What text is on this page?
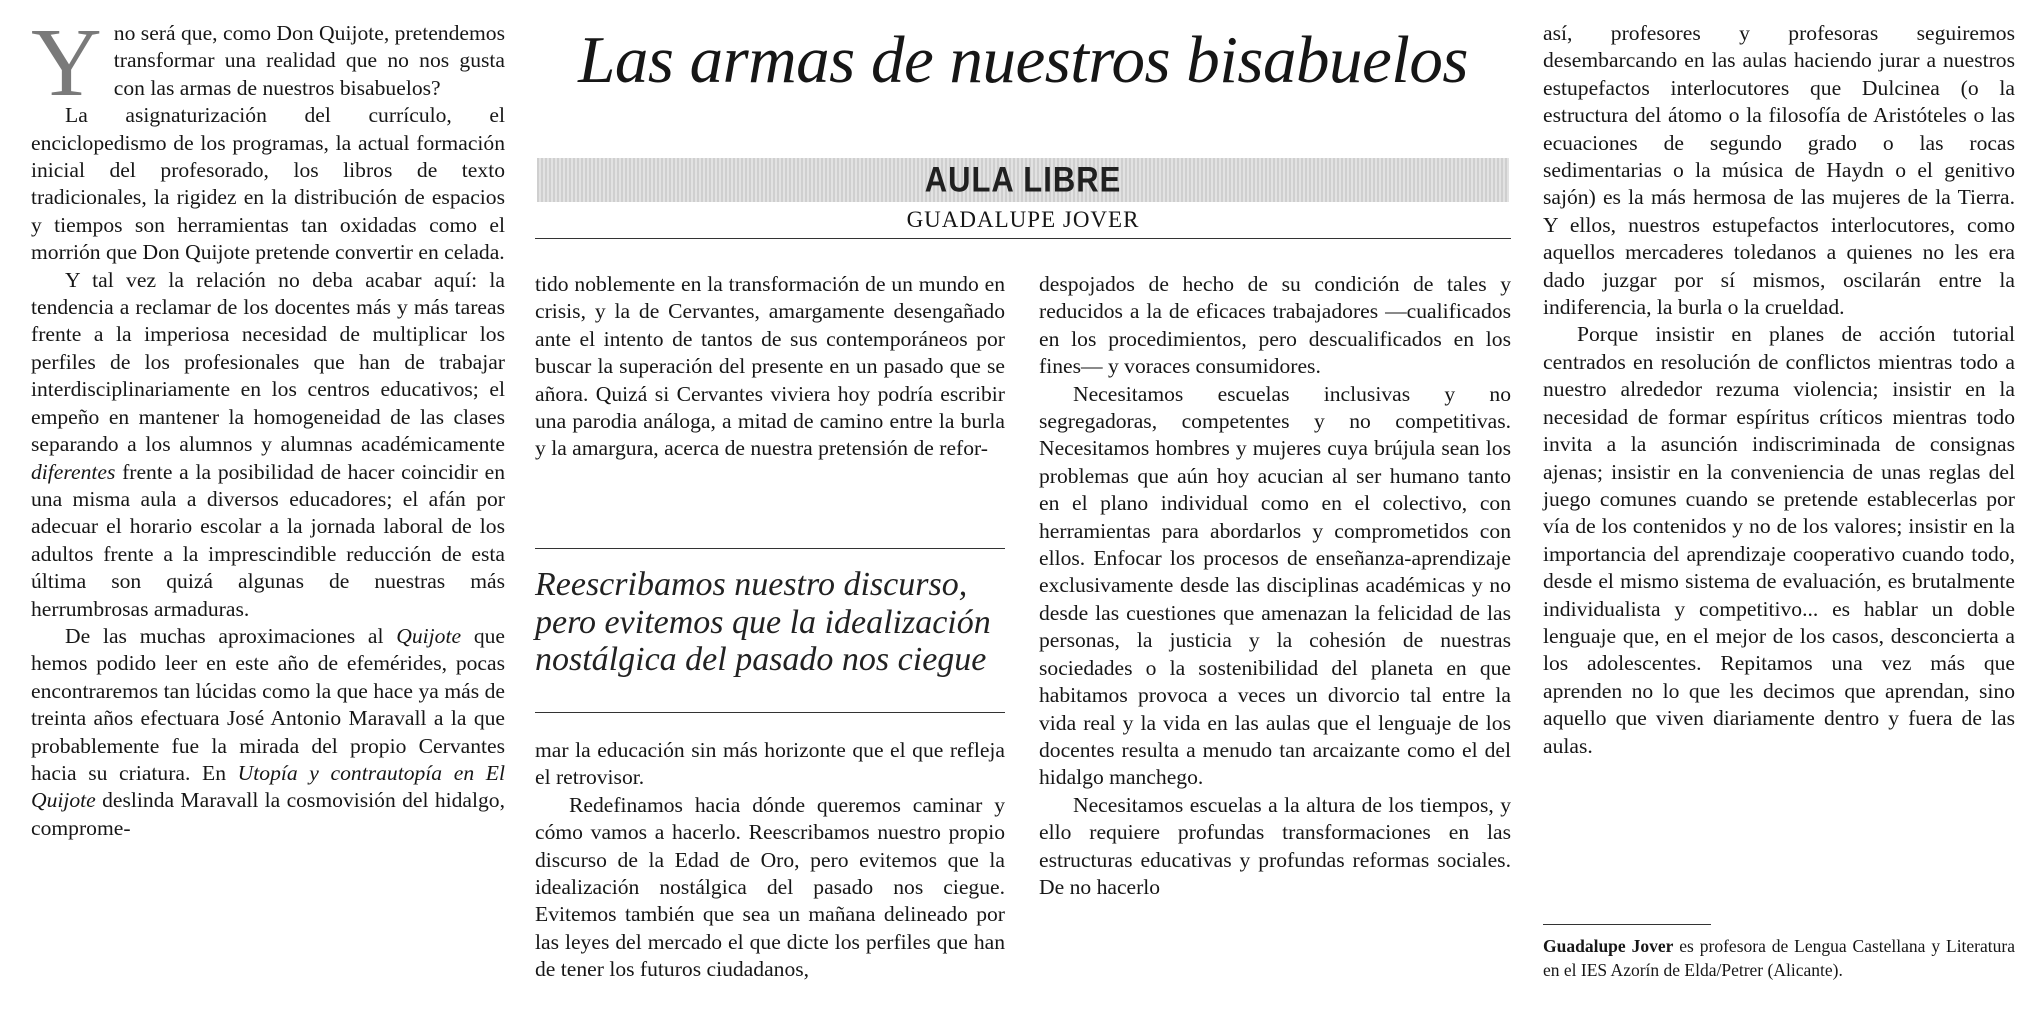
Y no será que, como Don Quijote, pretendemos transformar una realidad que no nos gusta con las armas de nuestros bisabuelos?

La asignaturización del currículo, el enciclopedismo de los programas, la actual formación inicial del profesorado, los libros de texto tradicionales, la rigidez en la distribución de espacios y tiempos son herramientas tan oxidadas como el morrión que Don Quijote pretende convertir en celada.

Y tal vez la relación no deba acabar aquí: la tendencia a reclamar de los docentes más y más tareas frente a la imperiosa necesidad de multiplicar los perfiles de los profesionales que han de trabajar interdisciplinariamente en los centros educativos; el empeño en mantener la homogeneidad de las clases separando a los alumnos y alumnas académicamente diferentes frente a la posibilidad de hacer coincidir en una misma aula a diversos educadores; el afán por adecuar el horario escolar a la jornada laboral de los adultos frente a la imprescindible reducción de esta última son quizá algunas de nuestras más herrumbrosas armaduras.

De las muchas aproximaciones al Quijote que hemos podido leer en este año de efemérides, pocas encontraremos tan lúcidas como la que hace ya más de treinta años efectuara José Antonio Maravall a la que probablemente fue la mirada del propio Cervantes hacia su criatura. En Utopía y contrautopía en El Quijote deslinda Maravall la cosmovisión del hidalgo, comprome-

Las armas de nuestros bisabuelos
AULA LIBRE
GUADALUPE JOVER

tido noblemente en la transformación de un mundo en crisis, y la de Cervantes, amargamente desengañado ante el intento de tantos de sus contemporáneos por buscar la superación del presente en un pasado que se añora. Quizá si Cervantes viviera hoy podría escribir una parodia análoga, a mitad de camino entre la burla y la amargura, acerca de nuestra pretensión de refor-

Reescribamos nuestro discurso, pero evitemos que la idealización nostálgica del pasado nos ciegue

mar la educación sin más horizonte que el que refleja el retrovisor.

Redefinamos hacia dónde queremos caminar y cómo vamos a hacerlo. Reescribamos nuestro propio discurso de la Edad de Oro, pero evitemos que la idealización nostálgica del pasado nos ciegue. Evitemos también que sea un mañana delineado por las leyes del mercado el que dicte los perfiles que han de tener los futuros ciudadanos,

despojados de hecho de su condición de tales y reducidos a la de eficaces trabajadores —cualificados en los procedimientos, pero descualificados en los fines— y voraces consumidores.

Necesitamos escuelas inclusivas y no segregadoras, competentes y no competitivas. Necesitamos hombres y mujeres cuya brújula sean los problemas que aún hoy acucian al ser humano tanto en el plano individual como en el colectivo, con herramientas para abordarlos y comprometidos con ellos. Enfocar los procesos de enseñanza-aprendizaje exclusivamente desde las disciplinas académicas y no desde las cuestiones que amenazan la felicidad de las personas, la justicia y la cohesión de nuestras sociedades o la sostenibilidad del planeta en que habitamos provoca a veces un divorcio tal entre la vida real y la vida en las aulas que el lenguaje de los docentes resulta a menudo tan arcaizante como el del hidalgo manchego.

Necesitamos escuelas a la altura de los tiempos, y ello requiere profundas transformaciones en las estructuras educativas y profundas reformas sociales. De no hacerlo

así, profesores y profesoras seguiremos desembarcando en las aulas haciendo jurar a nuestros estupefactos interlocutores que Dulcinea (o la estructura del átomo o la filosofía de Aristóteles o las ecuaciones de segundo grado o las rocas sedimentarias o la música de Haydn o el genitivo sajón) es la más hermosa de las mujeres de la Tierra. Y ellos, nuestros estupefactos interlocutores, como aquellos mercaderes toledanos a quienes no les era dado juzgar por sí mismos, oscilarán entre la indiferencia, la burla o la crueldad.

Porque insistir en planes de acción tutorial centrados en resolución de conflictos mientras todo a nuestro alrededor rezuma violencia; insistir en la necesidad de formar espíritus críticos mientras todo invita a la asunción indiscriminada de consignas ajenas; insistir en la conveniencia de unas reglas del juego comunes cuando se pretende establecerlas por vía de los contenidos y no de los valores; insistir en la importancia del aprendizaje cooperativo cuando todo, desde el mismo sistema de evaluación, es brutalmente individualista y competitivo... es hablar un doble lenguaje que, en el mejor de los casos, desconcierta a los adolescentes. Repitamos una vez más que aprenden no lo que les decimos que aprendan, sino aquello que viven diariamente dentro y fuera de las aulas.

Guadalupe Jover es profesora de Lengua Castellana y Literatura en el IES Azorín de Elda/Petrer (Alicante).
